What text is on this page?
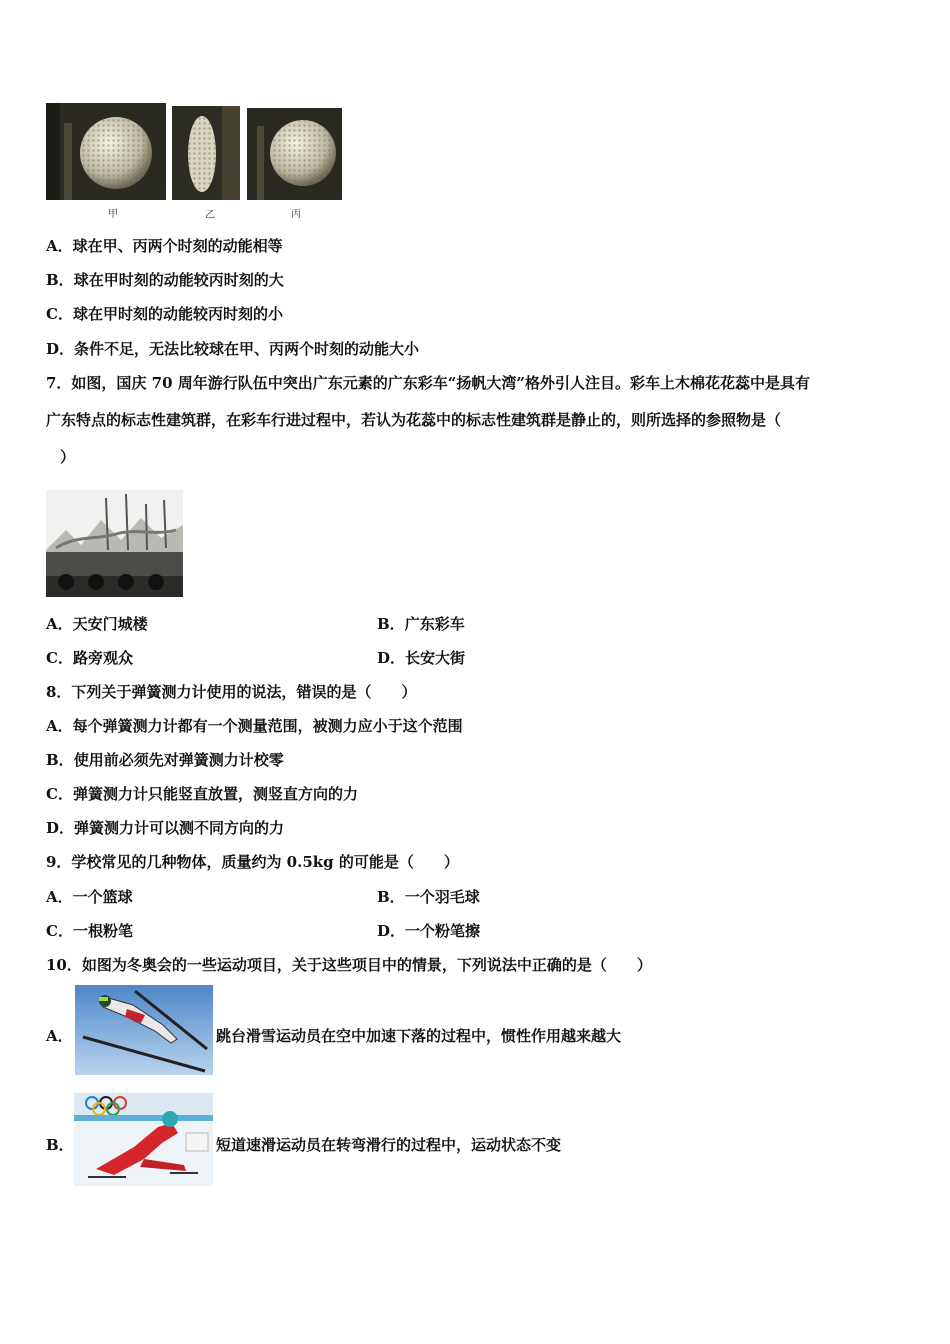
甲	乙	丙
A．球在甲、丙两个时刻的动能相等
B．球在甲时刻的动能较丙时刻的大
C．球在甲时刻的动能较丙时刻的小
D．条件不足，无法比较球在甲、丙两个时刻的动能大小
7．如图，国庆 70 周年游行队伍中突出广东元素的广东彩车“扬帆大湾”格外引人注目。彩车上木棉花花蕊中是具有
广东特点的标志性建筑群，在彩车行进过程中，若认为花蕊中的标志性建筑群是静止的，则所选择的参照物是（
）
A．天安门城楼	B．广东彩车
C．路旁观众	D．长安大街
8．下列关于弹簧测力计使用的说法，错误的是（　　）
A．每个弹簧测力计都有一个测量范围，被测力应小于这个范围
B．使用前必须先对弹簧测力计校零
C．弹簧测力计只能竖直放置，测竖直方向的力
D．弹簧测力计可以测不同方向的力
9．学校常见的几种物体，质量约为 0.5kg 的可能是（　　）
A．一个篮球	B．一个羽毛球
C．一根粉笔	D．一个粉笔擦
10．如图为冬奥会的一些运动项目，关于这些项目中的情景，下列说法中正确的是（　　）
A．	跳台滑雪运动员在空中加速下落的过程中，惯性作用越来越大
B．	短道速滑运动员在转弯滑行的过程中，运动状态不变
